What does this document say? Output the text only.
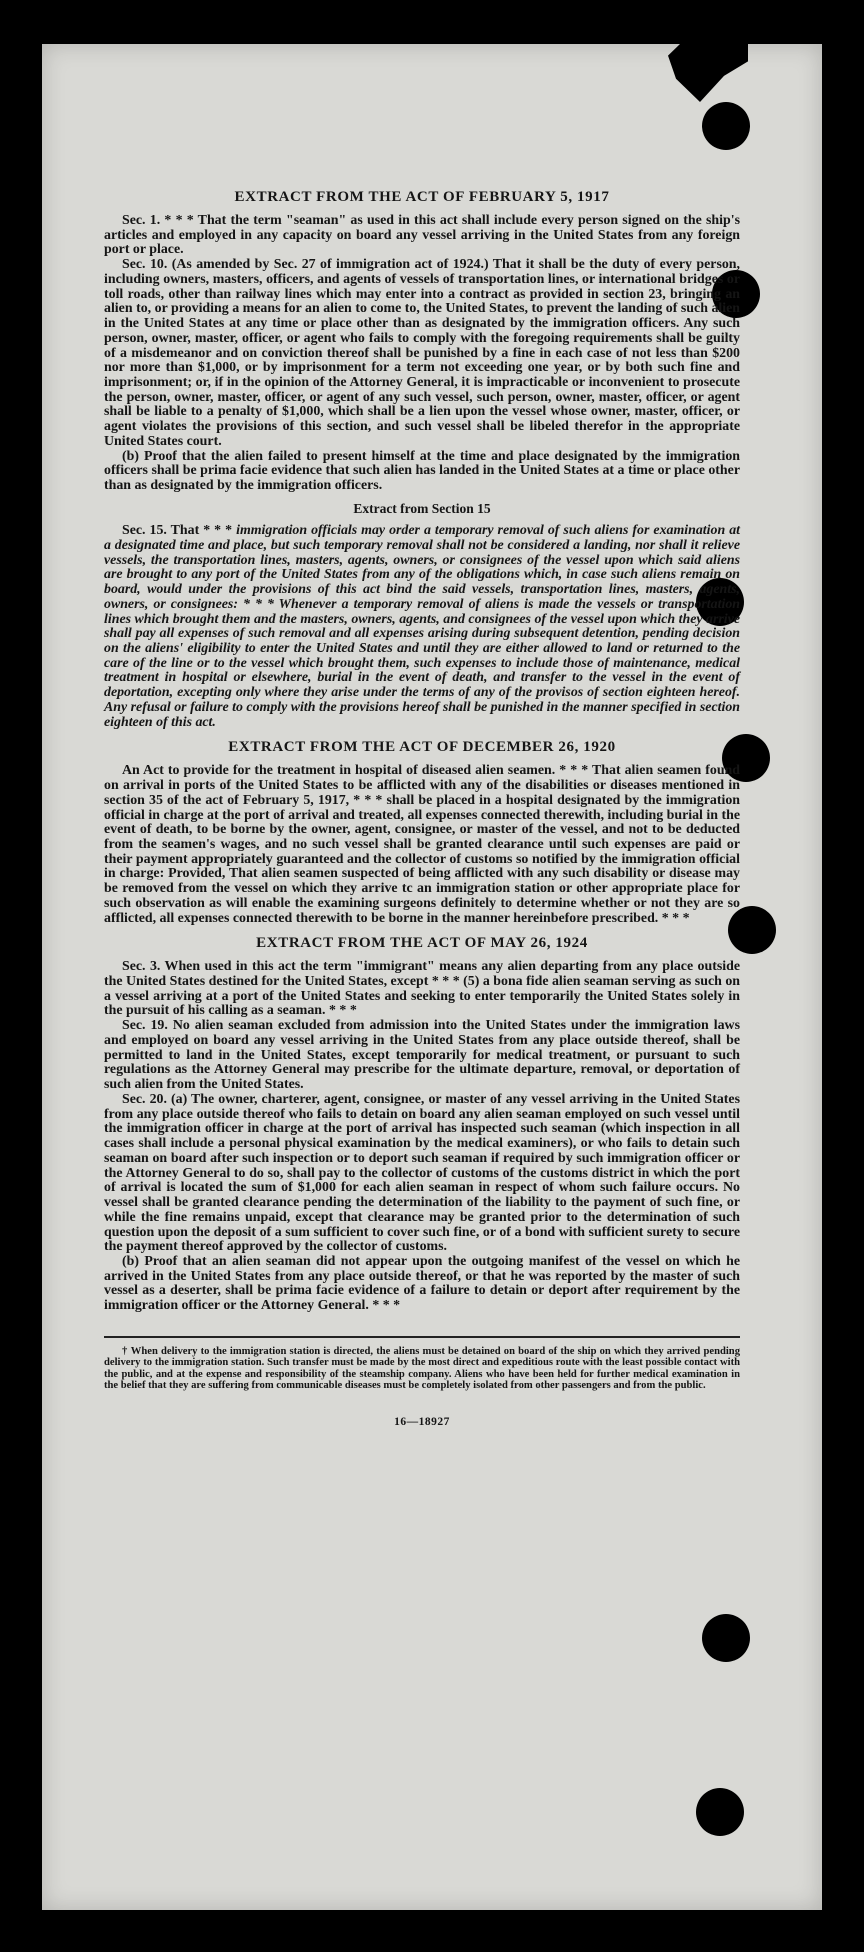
EXTRACT FROM THE ACT OF FEBRUARY 5, 1917

Sec. 1. * * * That the term "seaman" as used in this act shall include every person signed on the ship's articles and employed in any capacity on board any vessel arriving in the United States from any foreign port or place.

Sec. 10. (As amended by Sec. 27 of immigration act of 1924.) That it shall be the duty of every person, including owners, masters, officers, and agents of vessels of transportation lines, or international bridges or toll roads, other than railway lines which may enter into a contract as provided in section 23, bringing an alien to, or providing a means for an alien to come to, the United States, to prevent the landing of such alien in the United States at any time or place other than as designated by the immigration officers. Any such person, owner, master, officer, or agent who fails to comply with the foregoing requirements shall be guilty of a misdemeanor and on conviction thereof shall be punished by a fine in each case of not less than $200 nor more than $1,000, or by imprisonment for a term not exceeding one year, or by both such fine and imprisonment; or, if in the opinion of the Attorney General, it is impracticable or inconvenient to prosecute the person, owner, master, officer, or agent of any such vessel, such person, owner, master, officer, or agent shall be liable to a penalty of $1,000, which shall be a lien upon the vessel whose owner, master, officer, or agent violates the provisions of this section, and such vessel shall be libeled therefor in the appropriate United States court.

(b) Proof that the alien failed to present himself at the time and place designated by the immigration officers shall be prima facie evidence that such alien has landed in the United States at a time or place other than as designated by the immigration officers.

Extract from Section 15

Sec. 15. That * * * immigration officials may order a temporary removal of such aliens for examination at a designated time and place, but such temporary removal shall not be considered a landing, nor shall it relieve vessels, the transportation lines, masters, agents, owners, or consignees of the vessel upon which said aliens are brought to any port of the United States from any of the obligations which, in case such aliens remain on board, would under the provisions of this act bind the said vessels, transportation lines, masters, agents, owners, or consignees: * * * Whenever a temporary removal of aliens is made the vessels or transportation lines which brought them and the masters, owners, agents, and consignees of the vessel upon which they arrive shall pay all expenses of such removal and all expenses arising during subsequent detention, pending decision on the aliens' eligibility to enter the United States and until they are either allowed to land or returned to the care of the line or to the vessel which brought them, such expenses to include those of maintenance, medical treatment in hospital or elsewhere, burial in the event of death, and transfer to the vessel in the event of deportation, excepting only where they arise under the terms of any of the provisos of section eighteen hereof. Any refusal or failure to comply with the provisions hereof shall be punished in the manner specified in section eighteen of this act.

EXTRACT FROM THE ACT OF DECEMBER 26, 1920

An Act to provide for the treatment in hospital of diseased alien seamen. * * * That alien seamen found on arrival in ports of the United States to be afflicted with any of the disabilities or diseases mentioned in section 35 of the act of February 5, 1917, * * * shall be placed in a hospital designated by the immigration official in charge at the port of arrival and treated, all expenses connected therewith, including burial in the event of death, to be borne by the owner, agent, consignee, or master of the vessel, and not to be deducted from the seamen's wages, and no such vessel shall be granted clearance until such expenses are paid or their payment appropriately guaranteed and the collector of customs so notified by the immigration official in charge: Provided, That alien seamen suspected of being afflicted with any such disability or disease may be removed from the vessel on which they arrive tc an immigration station or other appropriate place for such observation as will enable the examining surgeons definitely to determine whether or not they are so afflicted, all expenses connected therewith to be borne in the manner hereinbefore prescribed. * * *

EXTRACT FROM THE ACT OF MAY 26, 1924

Sec. 3. When used in this act the term "immigrant" means any alien departing from any place outside the United States destined for the United States, except * * * (5) a bona fide alien seaman serving as such on a vessel arriving at a port of the United States and seeking to enter temporarily the United States solely in the pursuit of his calling as a seaman. * * *

Sec. 19. No alien seaman excluded from admission into the United States under the immigration laws and employed on board any vessel arriving in the United States from any place outside thereof, shall be permitted to land in the United States, except temporarily for medical treatment, or pursuant to such regulations as the Attorney General may prescribe for the ultimate departure, removal, or deportation of such alien from the United States.

Sec. 20. (a) The owner, charterer, agent, consignee, or master of any vessel arriving in the United States from any place outside thereof who fails to detain on board any alien seaman employed on such vessel until the immigration officer in charge at the port of arrival has inspected such seaman (which inspection in all cases shall include a personal physical examination by the medical examiners), or who fails to detain such seaman on board after such inspection or to deport such seaman if required by such immigration officer or the Attorney General to do so, shall pay to the collector of customs of the customs district in which the port of arrival is located the sum of $1,000 for each alien seaman in respect of whom such failure occurs. No vessel shall be granted clearance pending the determination of the liability to the payment of such fine, or while the fine remains unpaid, except that clearance may be granted prior to the determination of such question upon the deposit of a sum sufficient to cover such fine, or of a bond with sufficient surety to secure the payment thereof approved by the collector of customs.

(b) Proof that an alien seaman did not appear upon the outgoing manifest of the vessel on which he arrived in the United States from any place outside thereof, or that he was reported by the master of such vessel as a deserter, shall be prima facie evidence of a failure to detain or deport after requirement by the immigration officer or the Attorney General. * * *

† When delivery to the immigration station is directed, the aliens must be detained on board of the ship on which they arrived pending delivery to the immigration station. Such transfer must be made by the most direct and expeditious route with the least possible contact with the public, and at the expense and responsibility of the steamship company. Aliens who have been held for further medical examination in the belief that they are suffering from communicable diseases must be completely isolated from other passengers and from the public.

16—18927
